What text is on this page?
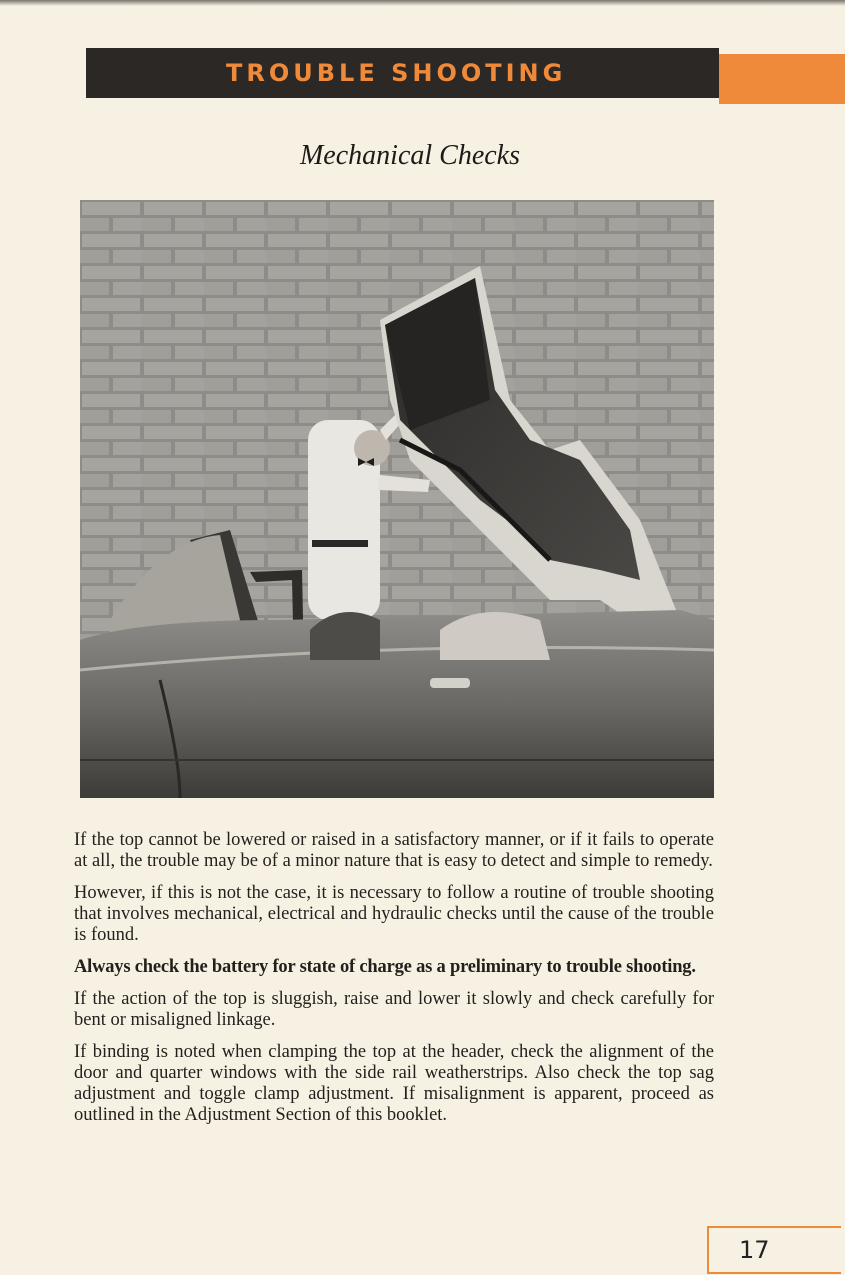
TROUBLE SHOOTING
Mechanical Checks

If the top cannot be lowered or raised in a satisfactory manner, or if it fails to operate at all, the trouble may be of a minor nature that is easy to detect and simple to remedy.

However, if this is not the case, it is necessary to follow a routine of trouble shooting that involves mechanical, electrical and hydraulic checks until the cause of the trouble is found.

Always check the battery for state of charge as a preliminary to trouble shooting.

If the action of the top is sluggish, raise and lower it slowly and check carefully for bent or misaligned linkage.

If binding is noted when clamping the top at the header, check the alignment of the door and quarter windows with the side rail weatherstrips. Also check the top sag adjustment and toggle clamp adjustment. If misalignment is apparent, proceed as outlined in the Adjustment Section of this booklet.

17
